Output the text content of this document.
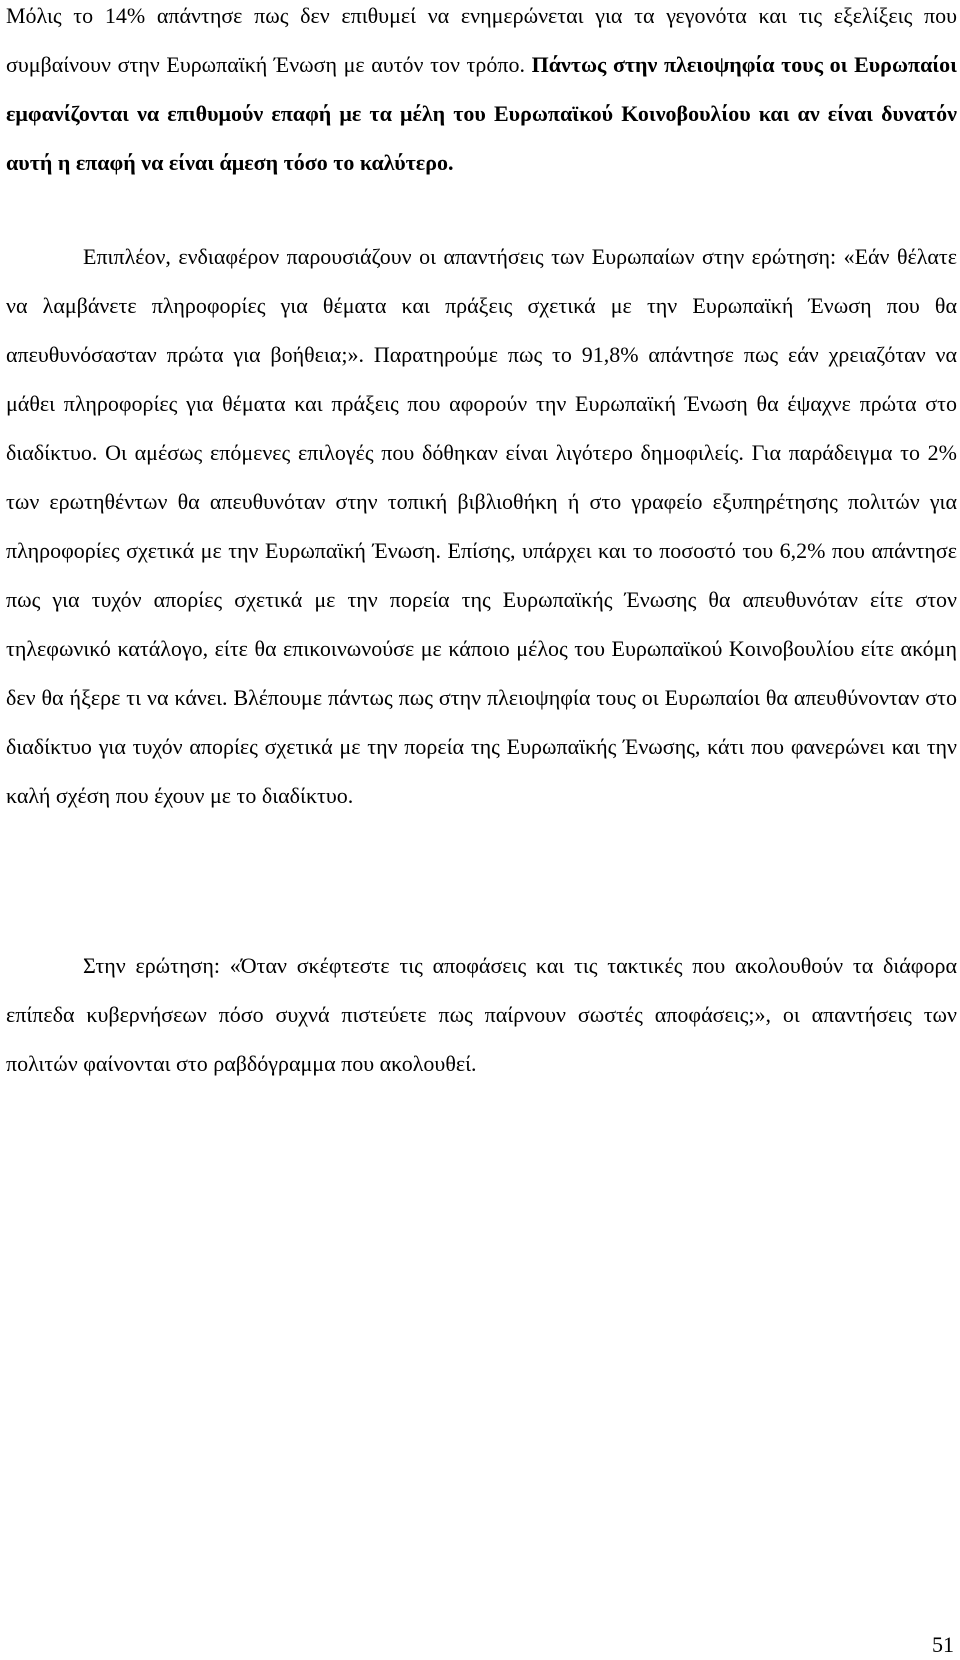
Μόλις το 14% απάντησε πως δεν επιθυμεί να ενημερώνεται για τα γεγονότα και τις εξελίξεις που συμβαίνουν στην Ευρωπαϊκή Ένωση με αυτόν τον τρόπο. Πάντως στην πλειοψηφία τους οι Ευρωπαίοι εμφανίζονται να επιθυμούν επαφή με τα μέλη του Ευρωπαϊκού Κοινοβουλίου και αν είναι δυνατόν αυτή η επαφή να είναι άμεση τόσο το καλύτερο.

Επιπλέον, ενδιαφέρον παρουσιάζουν οι απαντήσεις των Ευρωπαίων στην ερώτηση: «Εάν θέλατε να λαμβάνετε πληροφορίες για θέματα και πράξεις σχετικά με την Ευρωπαϊκή Ένωση που θα απευθυνόσασταν πρώτα για βοήθεια;». Παρατηρούμε πως το 91,8% απάντησε πως εάν χρειαζόταν να μάθει πληροφορίες για θέματα και πράξεις που αφορούν την Ευρωπαϊκή Ένωση θα έψαχνε πρώτα στο διαδίκτυο. Οι αμέσως επόμενες επιλογές που δόθηκαν είναι λιγότερο δημοφιλείς. Για παράδειγμα το 2% των ερωτηθέντων θα απευθυνόταν στην τοπική βιβλιοθήκη ή στο γραφείο εξυπηρέτησης πολιτών για πληροφορίες σχετικά με την Ευρωπαϊκή Ένωση. Επίσης, υπάρχει και το ποσοστό του 6,2% που απάντησε πως για τυχόν απορίες σχετικά με την πορεία της Ευρωπαϊκής Ένωσης θα απευθυνόταν είτε στον τηλεφωνικό κατάλογο, είτε θα επικοινωνούσε με κάποιο μέλος του Ευρωπαϊκού Κοινοβουλίου είτε ακόμη δεν θα ήξερε τι να κάνει. Βλέπουμε πάντως πως στην πλειοψηφία τους οι Ευρωπαίοι θα απευθύνονταν στο διαδίκτυο για τυχόν απορίες σχετικά με την πορεία της Ευρωπαϊκής Ένωσης, κάτι που φανερώνει και την καλή σχέση που έχουν με το διαδίκτυο.

Στην ερώτηση: «Όταν σκέφτεστε τις αποφάσεις και τις τακτικές που ακολουθούν τα διάφορα επίπεδα κυβερνήσεων πόσο συχνά πιστεύετε πως παίρνουν σωστές αποφάσεις;», οι απαντήσεις των πολιτών φαίνονται στο ραβδόγραμμα που ακολουθεί.

51
